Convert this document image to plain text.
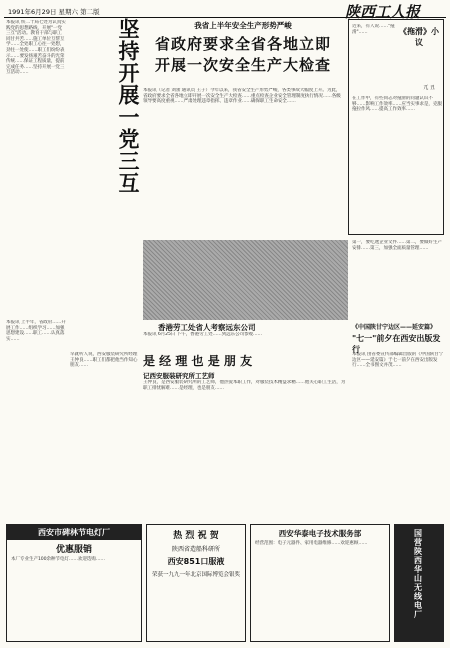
1991年6月29日 星期六 第二版	陕西工人报
本报讯 铁二十局七处为认真实践党的思想路线，开展"一党三互"活动。教育干部与职工同甘共苦……施工单位互帮互学……全处职工心往一处想，劲往一处使……职工们纷纷表示……要发扬艰苦奋斗的光荣传统……保证工程质量，提前完成任务……坚持开展一党三互活动……	坚持开展一党三互
本报讯 上半年，省政府……开展工作……组织学习……加强思想建设……职工……认真落实……
我省上半年安全生产形势严峻
省政府要求全省各地立即
开展一次安全生产大检查
本报讯（记者 刘蕾 通讯员 王子）今年以来，我省安全生产形势严峻，各类事故大幅度上升。为此，省政府要求全省各地立即开展一次安全生产大检查……重点检查企业安全管理制度执行情况……各级领导要高度重视……严肃处理违章指挥、违章作业……确保职工生命安全……
近来，有人说……"拖滑"……	《拖滑》小议
兀 丑
在工作中，有些同志对拖滑的问题认识不够……影响工作效率……应当实事求是，克服拖拉作风……提高工作效率……
香港劳工处省人考察远东公司
本报讯 6月25日 下午，香港劳工处……到远东公司参观……
第一，要吃透企业文件……第二，要做好生产安排……第三，加强全面质量管理……
是 经 理 也 是 朋 友
记西安服装研究所工艺师
早就听人说，西安服装研究所经理王仲良……职工们都把他当作知心朋友……
王仲良，是西安服装研究所的工艺师，他热爱本职工作，对服装技术精益求精……他关心职工生活，为职工排忧解难……是经理，也是朋友……
《中国陕甘宁边区——延安篇》
"七一"前夕在西安出版发行
本报讯 由省委宣传部编辑出版的《中国陕甘宁边区——延安篇》于七一前夕在西安出版发行……全书图文并茂……
西安市碑林节电灯厂
优惠服销
本厂专业生产100余种节电灯……欢迎选购……
热 烈 祝 贺
陕西省造船科研所
西安851口服液
荣获一九九一年北京国际博览会银奖
西安华泰电子技术服务部
经营范围：电子元器件、家用电器维修……欢迎惠顾……	国营陕西华山无线电厂
